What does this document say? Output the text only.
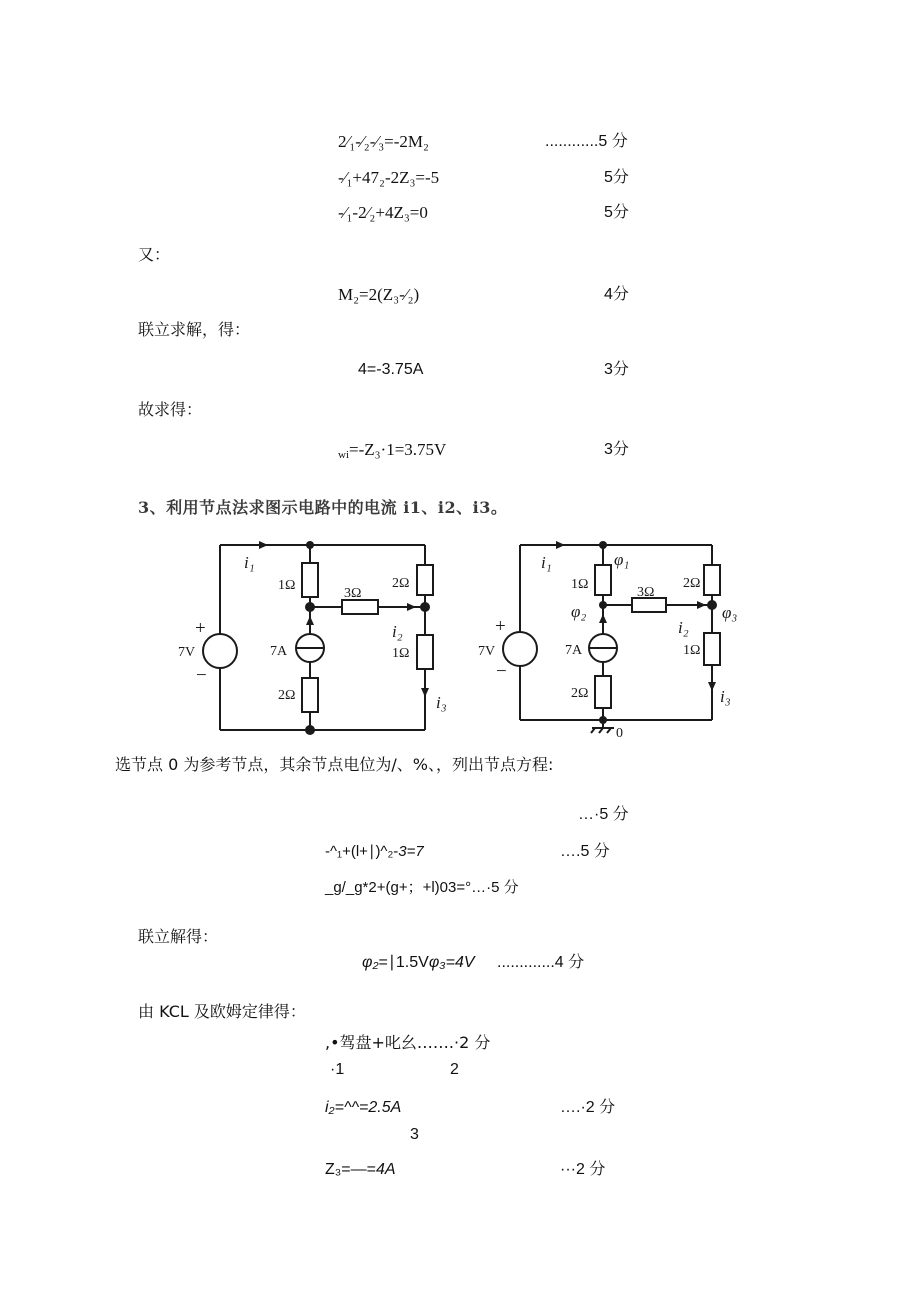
2⁄₁-⁄₂-⁄₃=-2M₂	............5 分
-⁄₁+47₂-2Z₃=-5	5分
-⁄₁-2⁄₂+4Z₃=0	5分
又：
M₂=2(Z₃-⁄₂)	4分
联立求解，得：
4=-3.75A	3分
故求得：
wi=-Z₃·1=3.75V	3分
3、利用节点法求图示电路中的电流 i1、i2、i3。
i₁
1Ω
3Ω
2Ω
i₂
1Ω
i₃
7A
2Ω
+
7V
−
i₁	φ₁
1Ω
φ₂
3Ω
2Ω
φ₃
i₂
1Ω
i₃
7A
2Ω
+
7V
−
0
选节点 0 为参考节点，其余节点电位为/、%、，列出节点方程:
…·5 分
-^₁+(l+∣)^₂-3=7	….5 分
_g/_g*2+(g+；+l)03=°…·5 分
联立解得：
φ₂=∣1.5Vφ₃=4V .............4 分
由 KCL 及欧姆定律得：
,•驾盘+叱幺…….·2 分
·1	2
i₂=^^=2.5A	….·2 分
3
Z₃=—=4A	···2 分
